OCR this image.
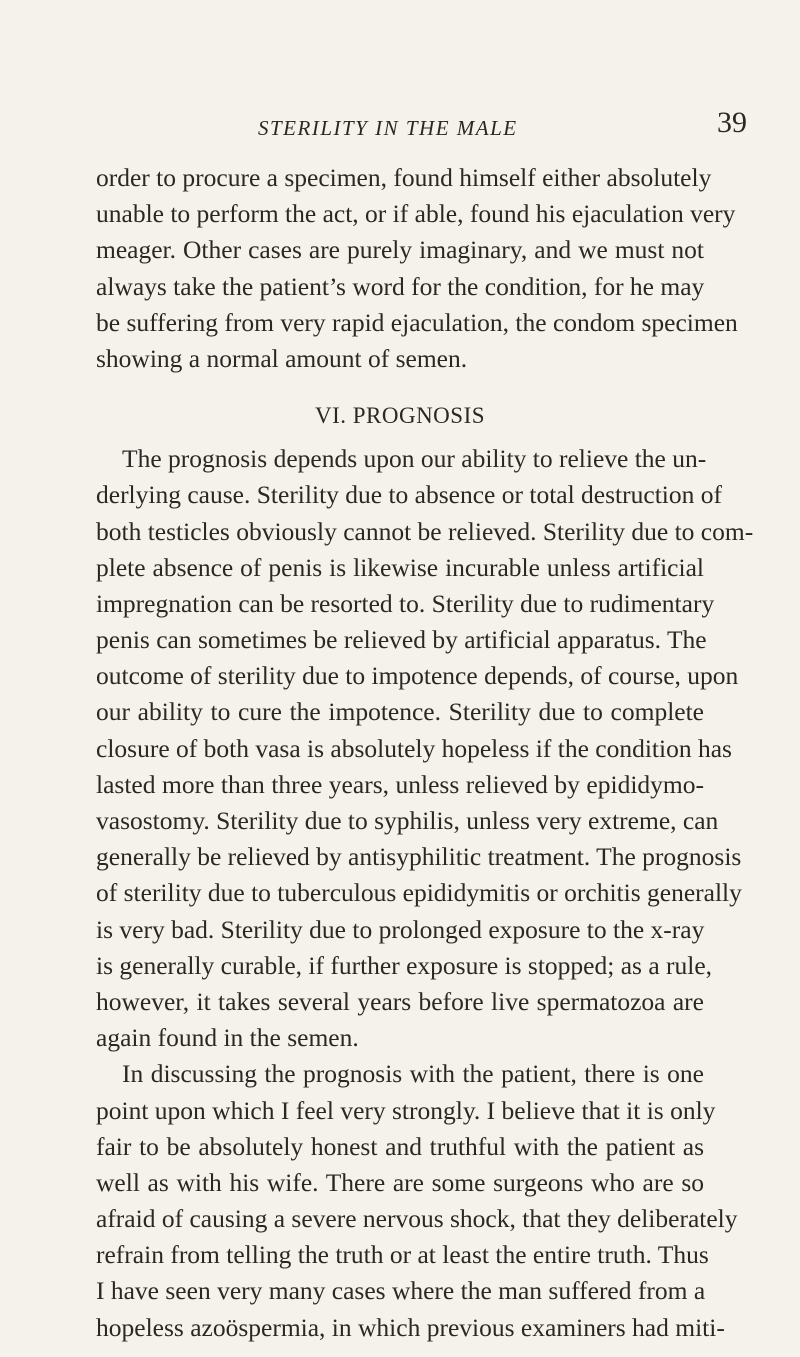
STERILITY IN THE MALE	39
order to procure a specimen, found himself either absolutely
unable to perform the act, or if able, found his ejaculation very
meager. Other cases are purely imaginary, and we must not
always take the patient’s word for the condition, for he may
be suffering from very rapid ejaculation, the condom specimen
showing a normal amount of semen.
VI. PROGNOSIS
The prognosis depends upon our ability to relieve the un-
derlying cause. Sterility due to absence or total destruction of
both testicles obviously cannot be relieved. Sterility due to com-
plete absence of penis is likewise incurable unless artificial
impregnation can be resorted to. Sterility due to rudimentary
penis can sometimes be relieved by artificial apparatus. The
outcome of sterility due to impotence depends, of course, upon
our ability to cure the impotence. Sterility due to complete
closure of both vasa is absolutely hopeless if the condition has
lasted more than three years, unless relieved by epididymo-
vasostomy. Sterility due to syphilis, unless very extreme, can
generally be relieved by antisyphilitic treatment. The prognosis
of sterility due to tuberculous epididymitis or orchitis generally
is very bad. Sterility due to prolonged exposure to the x-ray
is generally curable, if further exposure is stopped; as a rule,
however, it takes several years before live spermatozoa are
again found in the semen.
In discussing the prognosis with the patient, there is one
point upon which I feel very strongly. I believe that it is only
fair to be absolutely honest and truthful with the patient as
well as with his wife. There are some surgeons who are so
afraid of causing a severe nervous shock, that they deliberately
refrain from telling the truth or at least the entire truth. Thus
I have seen very many cases where the man suffered from a
hopeless azoöspermia, in which previous examiners had miti-
